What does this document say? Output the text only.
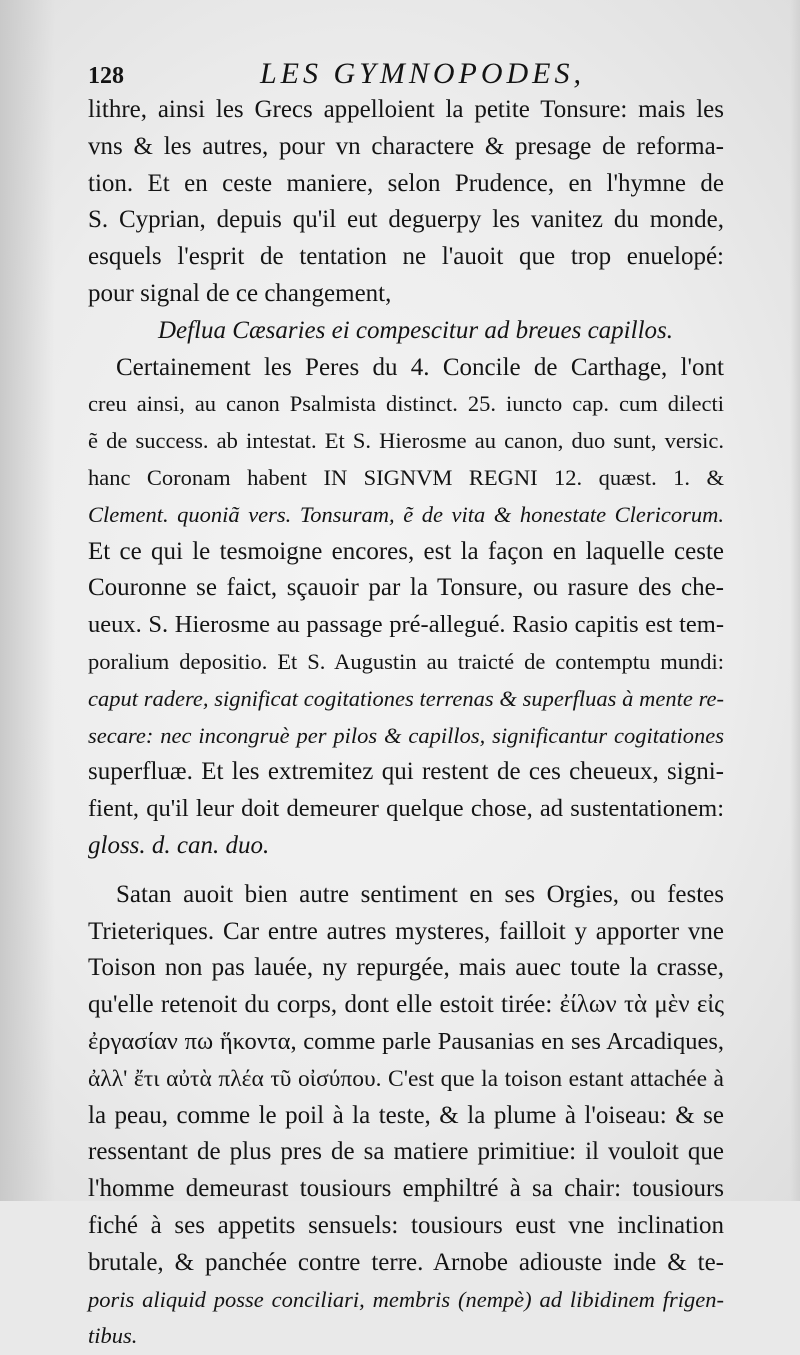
128	LES GYMNOPODES,
lithre, ainsi les Grecs appelloient la petite Tonsure: mais les
vns & les autres, pour vn charactere & presage de reforma-
tion. Et en ceste maniere, selon Prudence, en l'hymne de
S. Cyprian, depuis qu'il eut deguerpy les vanitez du monde,
esquels l'esprit de tentation ne l'auoit que trop enuelopé:
pour signal de ce changement,
Deflua Cæsaries ei compescitur ad breues capillos.
Certainement les Peres du 4. Concile de Carthage, l'ont
creu ainsi, au canon Psalmista distinct. 25. iuncto cap. cum dilecti
ẽ de success. ab intestat. Et S. Hierosme au canon, duo sunt, versic.
hanc Coronam habent IN SIGNVM REGNI 12. quæst. 1. &
Clement. quoniã vers. Tonsuram, ẽ de vita & honestate Clericorum.
Et ce qui le tesmoigne encores, est la façon en laquelle ceste
Couronne se faict, sçauoir par la Tonsure, ou rasure des che-
ueux. S. Hierosme au passage pré-allegué. Rasio capitis est tem-
poralium depositio. Et S. Augustin au traicté de contemptu mundi:
caput radere, significat cogitationes terrenas & superfluas à mente re-
secare: nec incongruè per pilos & capillos, significantur cogitationes
superfluæ. Et les extremitez qui restent de ces cheueux, signi-
fient, qu'il leur doit demeurer quelque chose, ad sustentationem:
gloss. d. can. duo.
Satan auoit bien autre sentiment en ses Orgies, ou festes
Trieteriques. Car entre autres mysteres, failloit y apporter vne
Toison non pas lauée, ny repurgée, mais auec toute la crasse,
qu'elle retenoit du corps, dont elle estoit tirée: ἐίλων τὰ μὲν εἰς
ἐργασίαν πω ἥκοντα, comme parle Pausanias en ses Arcadiques,
ἀλλ' ἔτι αὐτὰ πλέα τῦ οἰσύπου. C'est que la toison estant attachée à
la peau, comme le poil à la teste, & la plume à l'oiseau: & se
ressentant de plus pres de sa matiere primitiue: il vouloit que
l'homme demeurast tousiours emphiltré à sa chair: tousiours
fiché à ses appetits sensuels: tousiours eust vne inclination
brutale, & panchée contre terre. Arnobe adiouste inde & te-
poris aliquid posse conciliari, membris (nempè) ad libidinem frigen-
tibus.
